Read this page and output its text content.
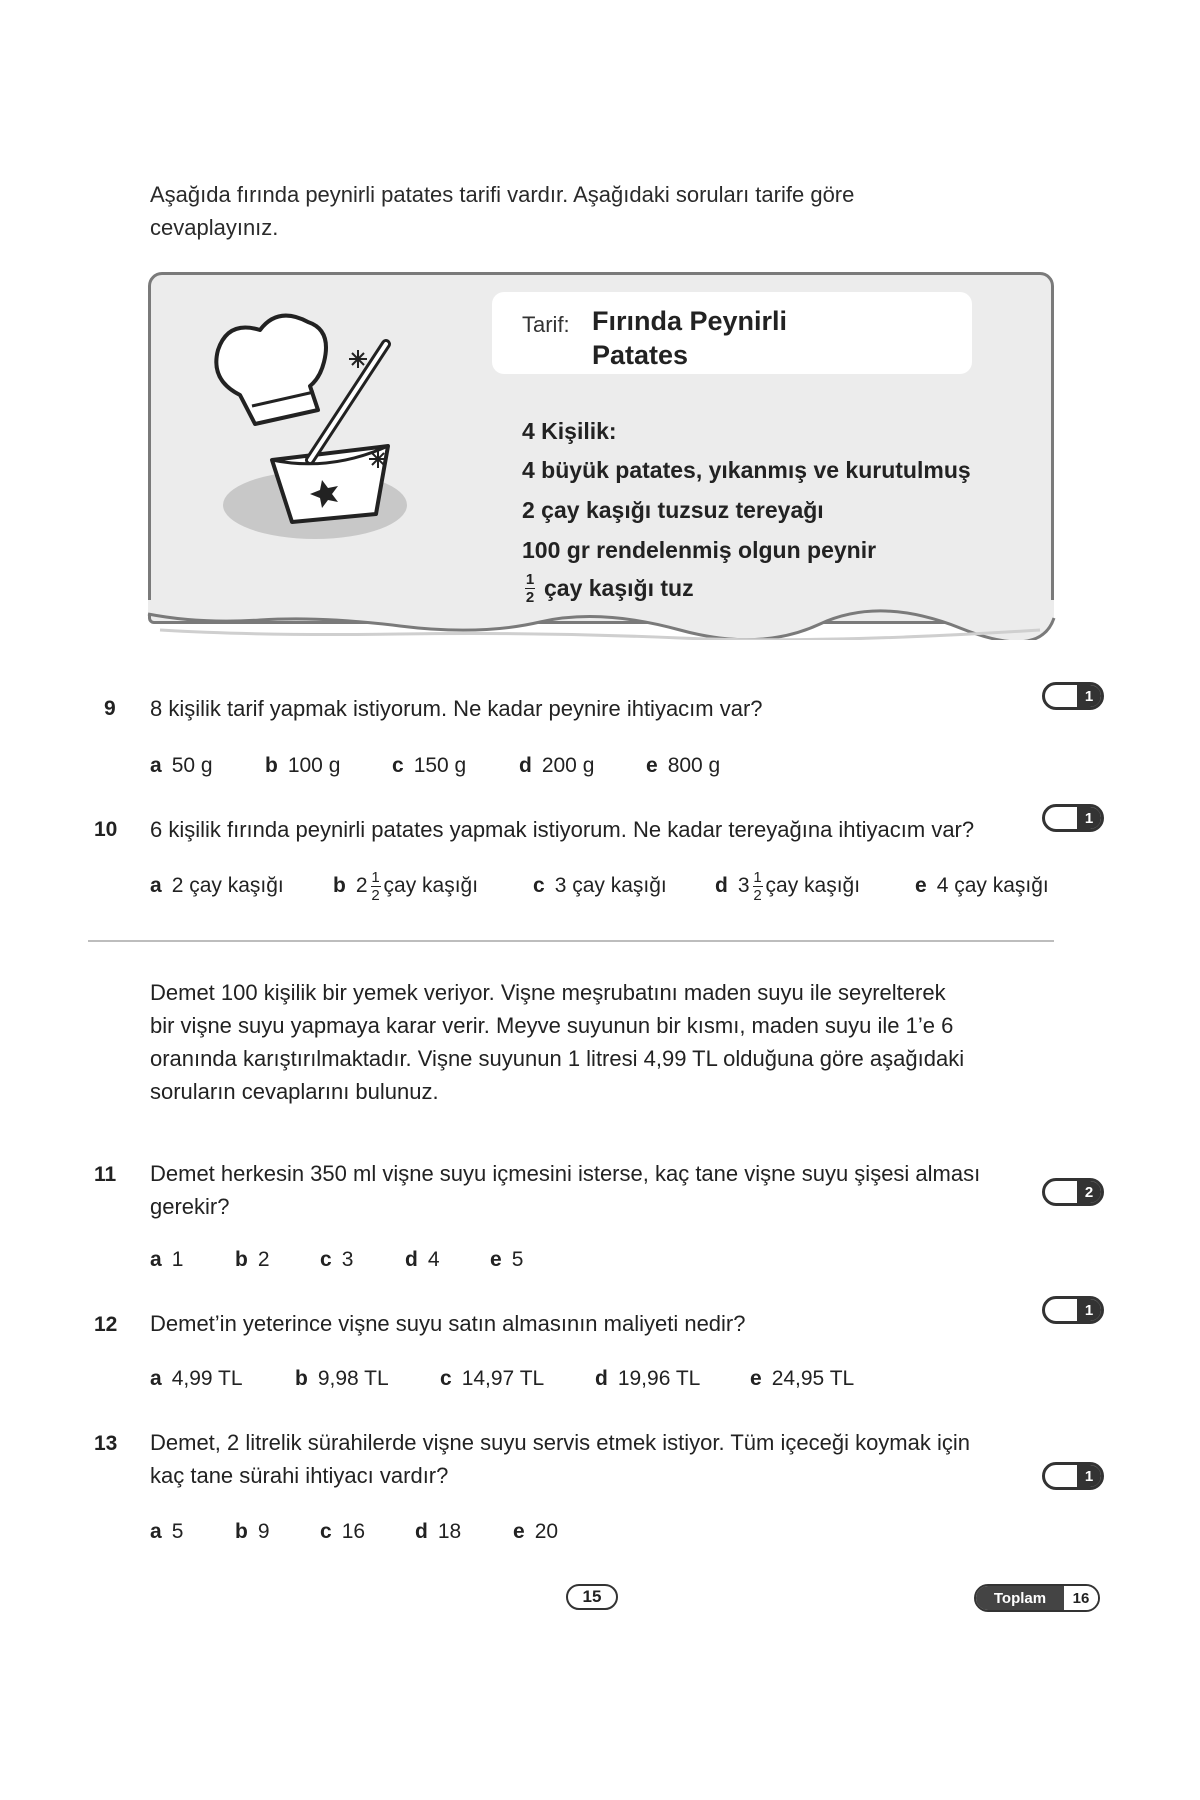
Aşağıda fırında peynirli patates tarifi vardır. Aşağıdaki soruları tarife göre
cevaplayınız.
Tarif: Fırında Peynirli
Patates
4 Kişilik:
4 büyük patates, yıkanmış ve kurutulmuş
2 çay kaşığı tuzsuz tereyağı
100 gr rendelenmiş olgun peynir
$\frac{1}{2}$ çay kaşığı tuz
9 8 kişilik tarif yapmak istiyorum. Ne kadar peynire ihtiyacım var?	1
a 50 g b 100 g c 150 g	d 200 g e 800 g
10 6 kişilik fırında peynirli patates yapmak istiyorum. Ne kadar tereyağına ihtiyacım var?	1
a 2
çay kaşığı b $2 \frac{1}{2}$ çay kaşığı	c 3
çay kaşığı d $3 \frac{1}{2}$ çay kaşığı	e 4
çay kaşığı
Demet 100 kişilik bir yemek veriyor. Vişne meşrubatını maden suyu ile seyrelterek
bir vişne suyu yapmaya karar verir. Meyve suyunun bir kısmı, maden suyu ile 1’e 6
oranında karıştırılmaktadır. Vişne suyunun 1 litresi 4,99 TL olduğuna göre aşağıdaki
soruların cevaplarını bulunuz.
11 Demet herkesin 350 ml vişne suyu içmesini isterse, kaç tane vişne suyu şişesi alması
gerekir?
2
a 1 b 2 c 3 d 4 e 5
12 Demet’in yeterince vişne suyu satın almasının maliyeti nedir?
1
a 4,99 TL b 9,98 TL c 14,97 TL d 19,96 TL e 24,95 TL
13 Demet, 2 litrelik sürahilerde vişne suyu servis etmek istiyor. Tüm içeceği koymak için
kaç tane sürahi ihtiyacı vardır?	1
a 5 b 9 c 16 d 18 e 20
15	Toplam	16
